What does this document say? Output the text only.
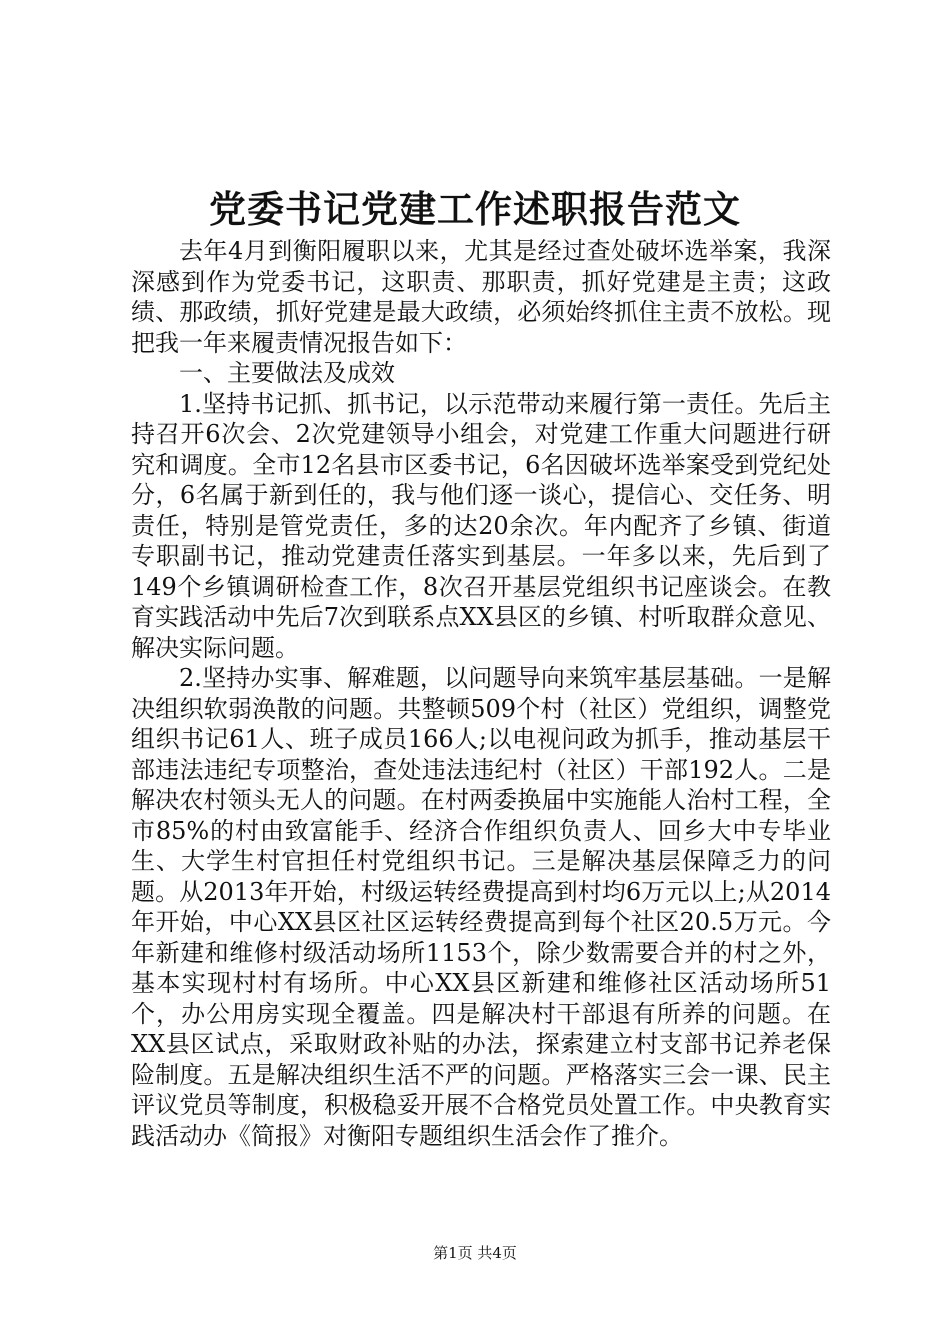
党委书记党建工作述职报告范文

去年4月到衡阳履职以来，尤其是经过查处破坏选举案，我深深感到作为党委书记，这职责、那职责，抓好党建是主责；这政绩、那政绩，抓好党建是最大政绩，必须始终抓住主责不放松。现把我一年来履责情况报告如下：

一、主要做法及成效

1.坚持书记抓、抓书记，以示范带动来履行第一责任。先后主持召开6次会、2次党建领导小组会，对党建工作重大问题进行研究和调度。全市12名县市区委书记，6名因破坏选举案受到党纪处分，6名属于新到任的，我与他们逐一谈心，提信心、交任务、明责任，特别是管党责任，多的达20余次。年内配齐了乡镇、街道专职副书记，推动党建责任落实到基层。一年多以来，先后到了149个乡镇调研检查工作，8次召开基层党组织书记座谈会。在教育实践活动中先后7次到联系点XX县区的乡镇、村听取群众意见、解决实际问题。

2.坚持办实事、解难题，以问题导向来筑牢基层基础。一是解决组织软弱涣散的问题。共整顿509个村（社区）党组织，调整党组织书记61人、班子成员166人;以电视问政为抓手，推动基层干部违法违纪专项整治，查处违法违纪村（社区）干部192人。二是解决农村领头无人的问题。在村两委换届中实施能人治村工程，全市85%的村由致富能手、经济合作组织负责人、回乡大中专毕业生、大学生村官担任村党组织书记。三是解决基层保障乏力的问题。从2013年开始，村级运转经费提高到村均6万元以上;从2014年开始，中心XX县区社区运转经费提高到每个社区20.5万元。今年新建和维修村级活动场所1153个，除少数需要合并的村之外，基本实现村村有场所。中心XX县区新建和维修社区活动场所51个，办公用房实现全覆盖。四是解决村干部退有所养的问题。在XX县区试点，采取财政补贴的办法，探索建立村支部书记养老保险制度。五是解决组织生活不严的问题。严格落实三会一课、民主评议党员等制度，积极稳妥开展不合格党员处置工作。中央教育实践活动办《简报》对衡阳专题组织生活会作了推介。

第1页 共4页
